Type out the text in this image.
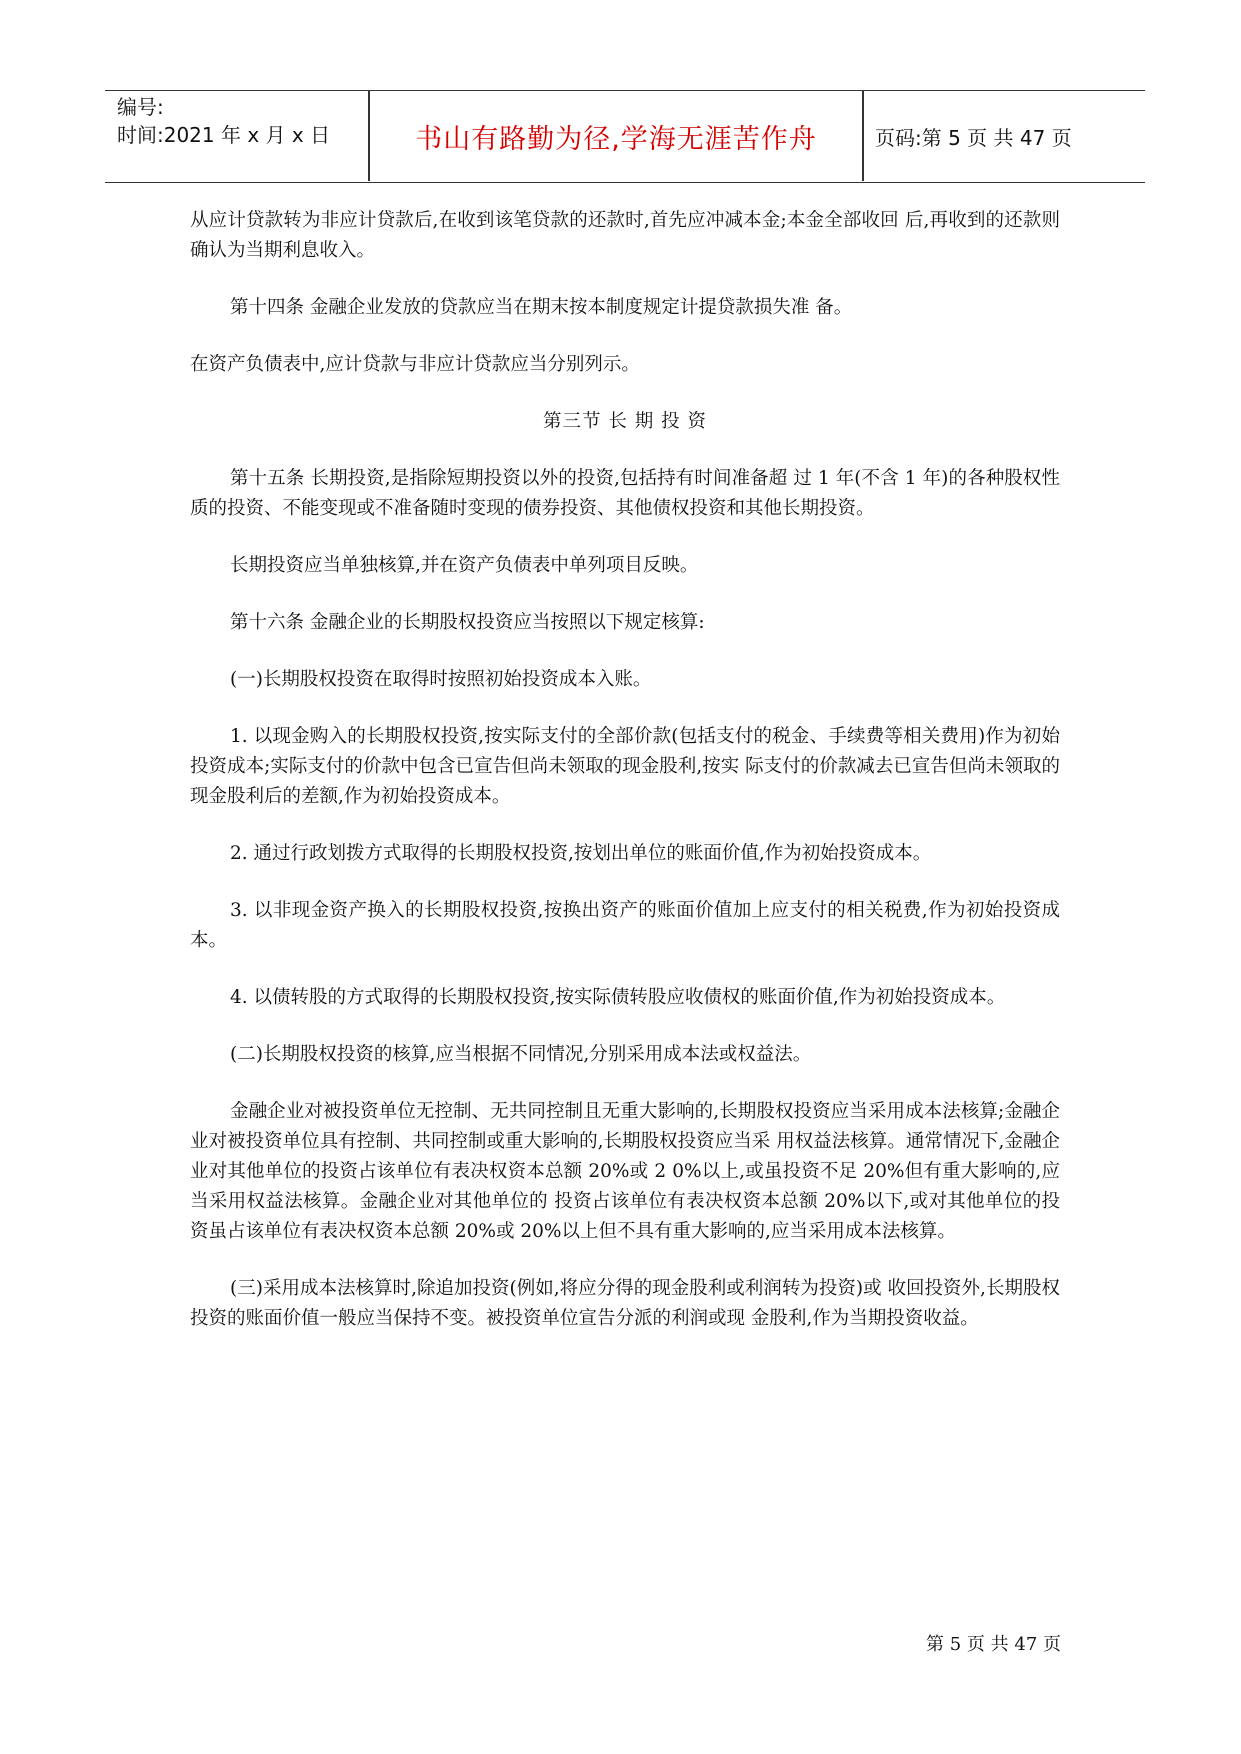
编号:
时间:2021 年 x 月 x 日	书山有路勤为径,学海无涯苦作舟	页码:第 5 页 共 47 页

从应计贷款转为非应计贷款后,在收到该笔贷款的还款时,首先应冲减本金;本金全部收回 后,再收到的还款则确认为当期利息收入。

第十四条 金融企业发放的贷款应当在期末按本制度规定计提贷款损失准 备。

在资产负债表中,应计贷款与非应计贷款应当分别列示。

第三节 长 期 投 资

第十五条 长期投资,是指除短期投资以外的投资,包括持有时间准备超 过 1 年(不含 1 年)的各种股权性质的投资、不能变现或不准备随时变现的债券投资、其他债权投资和其他长期投资。

长期投资应当单独核算,并在资产负债表中单列项目反映。

第十六条 金融企业的长期股权投资应当按照以下规定核算:

(一)长期股权投资在取得时按照初始投资成本入账。

1. 以现金购入的长期股权投资,按实际支付的全部价款(包括支付的税金、手续费等相关费用)作为初始投资成本;实际支付的价款中包含已宣告但尚未领取的现金股利,按实 际支付的价款减去已宣告但尚未领取的现金股利后的差额,作为初始投资成本。

2. 通过行政划拨方式取得的长期股权投资,按划出单位的账面价值,作为初始投资成本。

3. 以非现金资产换入的长期股权投资,按换出资产的账面价值加上应支付的相关税费,作为初始投资成本。

4. 以债转股的方式取得的长期股权投资,按实际债转股应收债权的账面价值,作为初始投资成本。

(二)长期股权投资的核算,应当根据不同情况,分别采用成本法或权益法。

金融企业对被投资单位无控制、无共同控制且无重大影响的,长期股权投资应当采用成本法核算;金融企业对被投资单位具有控制、共同控制或重大影响的,长期股权投资应当采 用权益法核算。通常情况下,金融企业对其他单位的投资占该单位有表决权资本总额 20%或 2 0%以上,或虽投资不足 20%但有重大影响的,应当采用权益法核算。金融企业对其他单位的 投资占该单位有表决权资本总额 20%以下,或对其他单位的投资虽占该单位有表决权资本总额 20%或 20%以上但不具有重大影响的,应当采用成本法核算。

(三)采用成本法核算时,除追加投资(例如,将应分得的现金股利或利润转为投资)或 收回投资外,长期股权投资的账面价值一般应当保持不变。被投资单位宣告分派的利润或现 金股利,作为当期投资收益。

第 5 页 共 47 页
